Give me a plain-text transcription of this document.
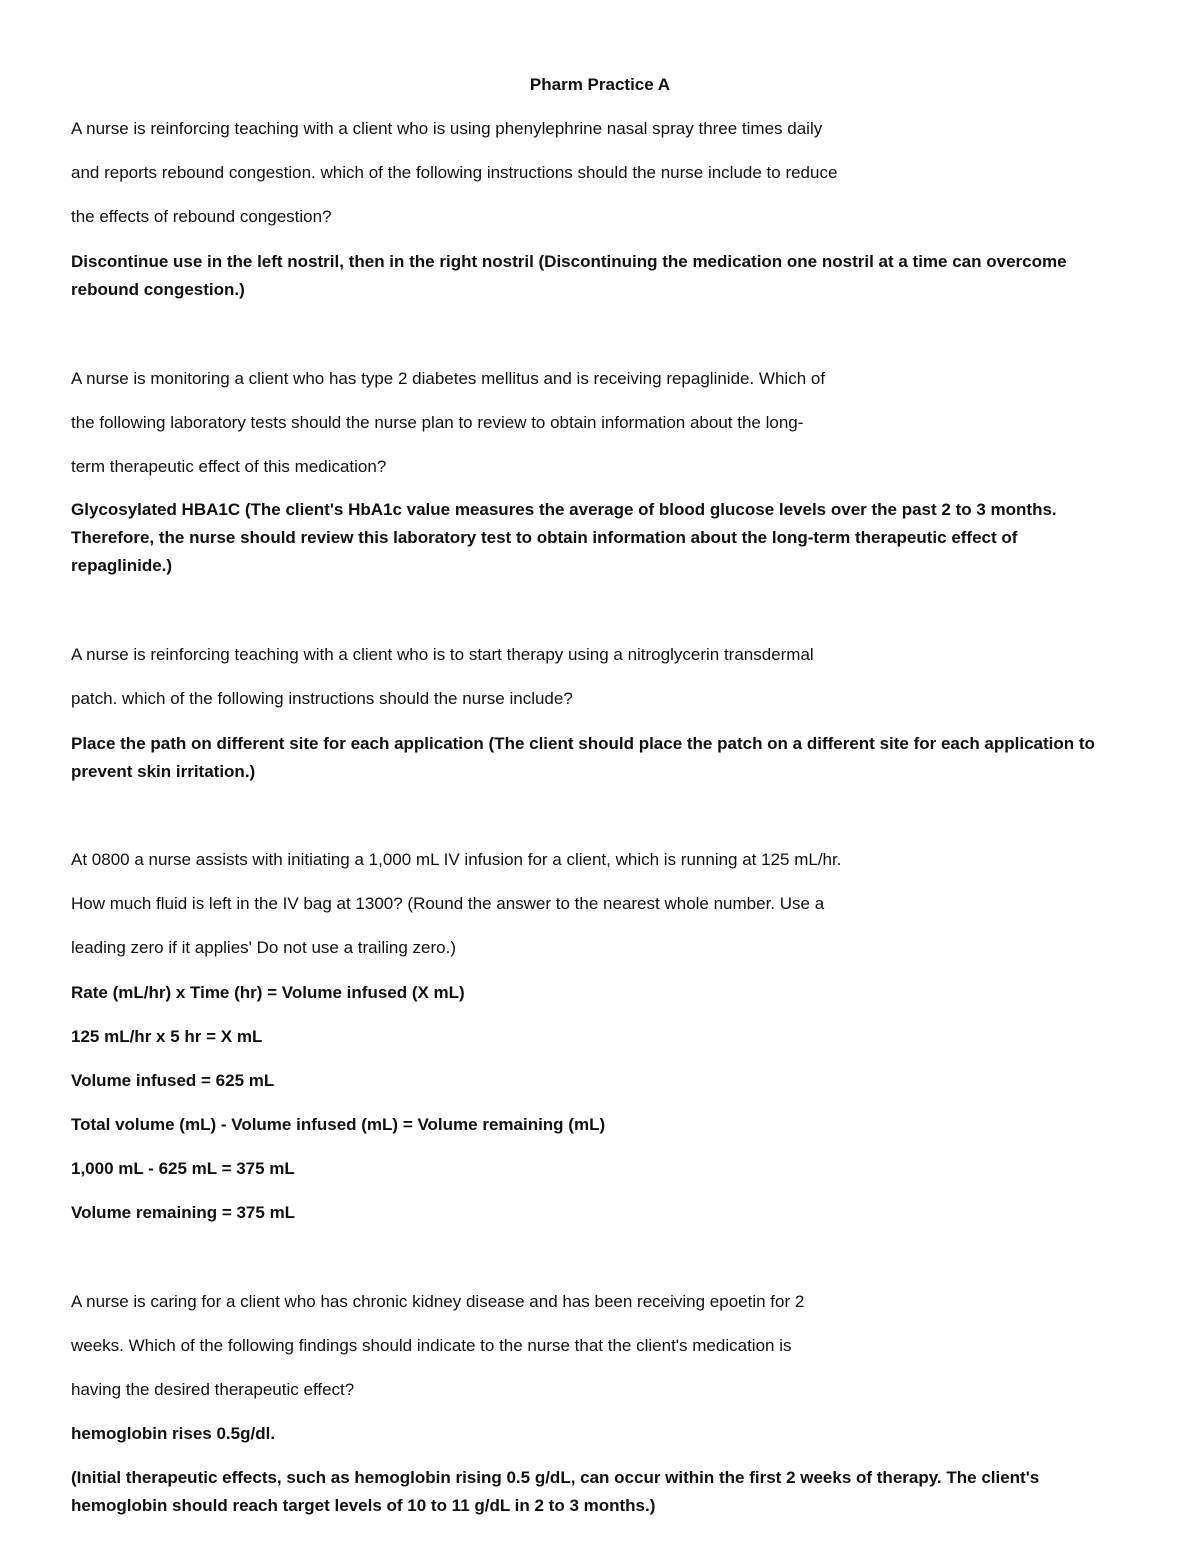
Pharm Practice A

A nurse is reinforcing teaching with a client who is using phenylephrine nasal spray three times daily

and reports rebound congestion. which of the following instructions should the nurse include to reduce

the effects of rebound congestion?

Discontinue use in the left nostril, then in the right nostril (Discontinuing the medication one nostril at a time can overcome rebound congestion.)

A nurse is monitoring a client who has type 2 diabetes mellitus and is receiving repaglinide. Which of

the following laboratory tests should the nurse plan to review to obtain information about the long-

term therapeutic effect of this medication?

Glycosylated HBA1C (The client's HbA1c value measures the average of blood glucose levels over the past 2 to 3 months. Therefore, the nurse should review this laboratory test to obtain information about the long-term therapeutic effect of repaglinide.)

A nurse is reinforcing teaching with a client who is to start therapy using a nitroglycerin transdermal

patch. which of the following instructions should the nurse include?

Place the path on different site for each application (The client should place the patch on a different site for each application to prevent skin irritation.)

At 0800 a nurse assists with initiating a 1,000 mL IV infusion for a client, which is running at 125 mL/hr.

How much fluid is left in the IV bag at 1300? (Round the answer to the nearest whole number. Use a

leading zero if it applies' Do not use a trailing zero.)

Rate (mL/hr) x Time (hr) = Volume infused (X mL)

125 mL/hr x 5 hr = X mL

Volume infused = 625 mL

Total volume (mL) - Volume infused (mL) = Volume remaining (mL)

1,000 mL - 625 mL = 375 mL

Volume remaining = 375 mL

A nurse is caring for a client who has chronic kidney disease and has been receiving epoetin for 2

weeks. Which of the following findings should indicate to the nurse that the client's medication is

having the desired therapeutic effect?

hemoglobin rises 0.5g/dl.

(Initial therapeutic effects, such as hemoglobin rising 0.5 g/dL, can occur within the first 2 weeks of therapy. The client's hemoglobin should reach target levels of 10 to 11 g/dL in 2 to 3 months.)
